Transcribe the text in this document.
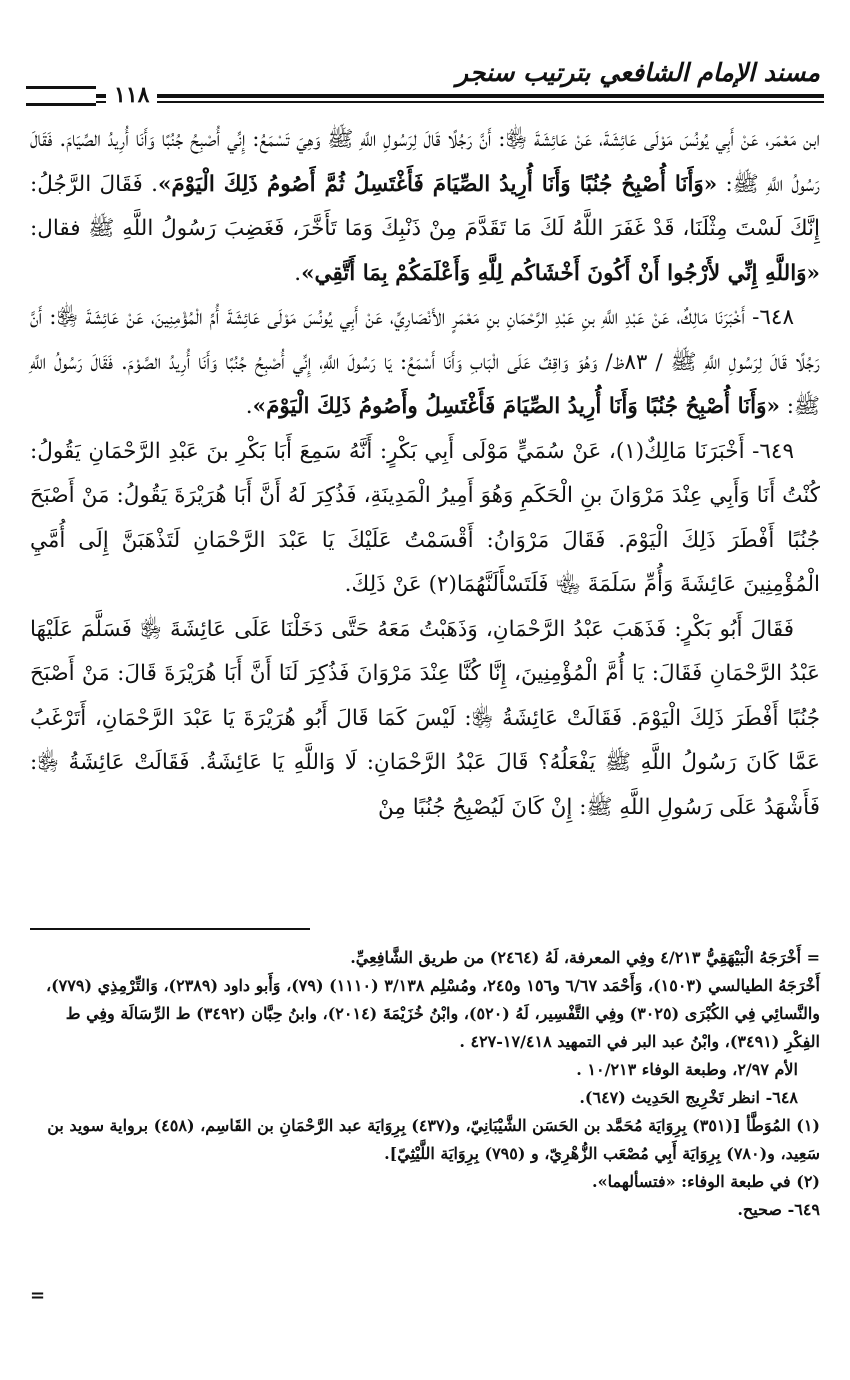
مسند الإمام الشافعي بترتيب سنجر
١١٨

ابن مَعْمَر، عَنْ أَبِي يُونُسَ مَوْلَى عَائِشَةَ، عَنْ عَائِشَةَ ﵂: أَنَّ رَجُلًا قَالَ لِرَسُولِ اللَّهِ ﷺ وَهِيَ تَسْمَعُ: إِنِّي أُصْبِحُ جُنُبًا وَأَنَا أُرِيدُ الصِّيَامَ. فَقَالَ رَسُولُ اللَّهِ ﷺ: «وَأَنَا أُصْبِحُ جُنُبًا وَأَنَا أُرِيدُ الصِّيَامَ فَأَغْتَسِلُ ثُمَّ أَصُومُ ذَلِكَ الْيَوْمَ». فَقَالَ الرَّجُلُ: إِنَّكَ لَسْتَ مِثْلَنَا، قَدْ غَفَرَ اللَّهُ لَكَ مَا تَقَدَّمَ مِنْ ذَنْبِكَ وَمَا تَأَخَّرَ، فَغَضِبَ رَسُولُ اللَّهِ ﷺ فقال: «وَاللَّهِ إِنِّي لأَرْجُوا أَنْ أَكُونَ أَخْشَاكُم لِلَّهِ وَأَعْلَمَكُمْ بِمَا أَتَّقِي».

٦٤٨- أَخْبَرَنَا مَالِكٌ، عَنْ عَبْدِ اللَّهِ بنِ عَبْدِ الرَّحْمَانِ بنِ مَعْمَرٍ الأَنْصَارِيِّ، عَنْ أَبِي يُونُسَ مَوْلَى عَائِشَةَ أُمِّ الْمُؤْمِنِينَ، عَنْ عَائِشَةَ ﵂: أَنَّ رَجُلًا قَالَ لِرَسُولِ اللَّهِ ﷺ / ٨٣ظ/ وَهُوَ وَاقِفٌ عَلَى الْبَابِ وَأَنَا أَسْمَعُ: يَا رَسُولَ اللَّهِ، إِنِّي أُصْبِحُ جُنُبًا وَأَنَا أُرِيدُ الصَّوْمَ. فَقَالَ رَسُولُ اللَّهِ ﷺ: «وَأَنَا أُصْبِحُ جُنُبًا وَأَنَا أُرِيدُ الصِّيَامَ فَأَغْتَسِلُ وأَصُومُ ذَلِكَ الْيَوْمَ».

٦٤٩- أَخْبَرَنَا مَالِكٌ(١)، عَنْ سُمَيٍّ مَوْلَى أَبِي بَكْرٍ: أَنَّهُ سَمِعَ أَبَا بَكْرِ بنَ عَبْدِ الرَّحْمَانِ يَقُولُ: كُنْتُ أَنَا وَأَبِي عِنْدَ مَرْوَانَ بنِ الْحَكَمِ وَهُوَ أَمِيرُ الْمَدِينَةِ، فَذُكِرَ لَهُ أَنَّ أَبَا هُرَيْرَةَ يَقُولُ: مَنْ أَصْبَحَ جُنُبًا أَفْطَرَ ذَلِكَ الْيَوْمَ. فَقَالَ مَرْوَانُ: أَقْسَمْتُ عَلَيْكَ يَا عَبْدَ الرَّحْمَانِ لَتَذْهَبَنَّ إِلَى أُمَّيِ الْمُؤْمِنِينَ عَائِشَةَ وَأُمِّ سَلَمَةَ ﵄ فَلَتَسْأَلَنَّهُمَا(٢) عَنْ ذَلِكَ.

فَقَالَ أَبُو بَكْرٍ: فَذَهَبَ عَبْدُ الرَّحْمَانِ، وَذَهَبْتُ مَعَهُ حَتَّى دَخَلْنَا عَلَى عَائِشَةَ ﵂ فَسَلَّمَ عَلَيْهَا عَبْدُ الرَّحْمَانِ فَقَالَ: يَا أُمَّ الْمُؤْمِنِينَ، إِنَّا كُنَّا عِنْدَ مَرْوَانَ فَذُكِرَ لَنَا أَنَّ أَبَا هُرَيْرَةَ قَالَ: مَنْ أَصْبَحَ جُنُبًا أَفْطَرَ ذَلِكَ الْيَوْمَ. فَقَالَتْ عَائِشَةُ ﵂: لَيْسَ كَمَا قَالَ أَبُو هُرَيْرَةَ يَا عَبْدَ الرَّحْمَانِ، أَتَرْغَبُ عَمَّا كَانَ رَسُولُ اللَّهِ ﷺ يَفْعَلُهُ؟ قَالَ عَبْدُ الرَّحْمَانِ: لَا وَاللَّهِ يَا عَائِشَةُ. فَقَالَتْ عَائِشَةُ ﵂: فَأَشْهَدُ عَلَى رَسُولِ اللَّهِ ﷺ: إِنْ كَانَ لَيُصْبِحُ جُنُبًا مِنْ

= أَخْرَجَهُ الْبَيْهَقِيُّ ٤/٢١٣ وفِي المعرفة، لَهُ (٢٤٦٤) من طريق الشَّافِعِيِّ.

أَخْرَجَهُ الطيالسي (١٥٠٣)، وَأَحْمَد ٦/٦٧ و١٥٦ و٢٤٥، ومُسْلِم ٣/١٣٨ (١١١٠) (٧٩)، وَأَبو داود (٢٣٨٩)، وَالتِّرْمِذِي (٧٧٩)، والنَّسائِي فِي الكُبْرَى (٣٠٢٥) وفِي التَّفْسِير، لَهُ (٥٢٠)، وابْنُ خُزَيْمَةَ (٢٠١٤)، وابنُ حِبَّان (٣٤٩٢) ط الرِّسَالَة وفِي ط الفِكْرِ (٣٤٩١)، وابْنُ عبد البر في التمهيد ١٧/٤١٨-٤٢٧ .

الأم ٢/٩٧، وطبعة الوفاء ١٠/٢١٣ .

٦٤٨- انظر تَخْرِيج الحَدِيث (٦٤٧).

(١) المُوَطَّأ [(٣٥١) بِرِوَايَة مُحَمَّد بن الحَسَن الشَّيْبَانِيّ، و(٤٣٧) بِرِوَايَة عبد الرَّحْمَانِ بن القَاسِم، (٤٥٨) برواية سويد بن سَعِيد، و(٧٨٠) بِرِوَايَة أَبِي مُصْعَب الزُّهْرِيّ، و (٧٩٥) بِرِوَايَة اللَّيْثِيّ].

(٢) في طبعة الوفاء: «فتسألهما».

٦٤٩- صحيح.

=
